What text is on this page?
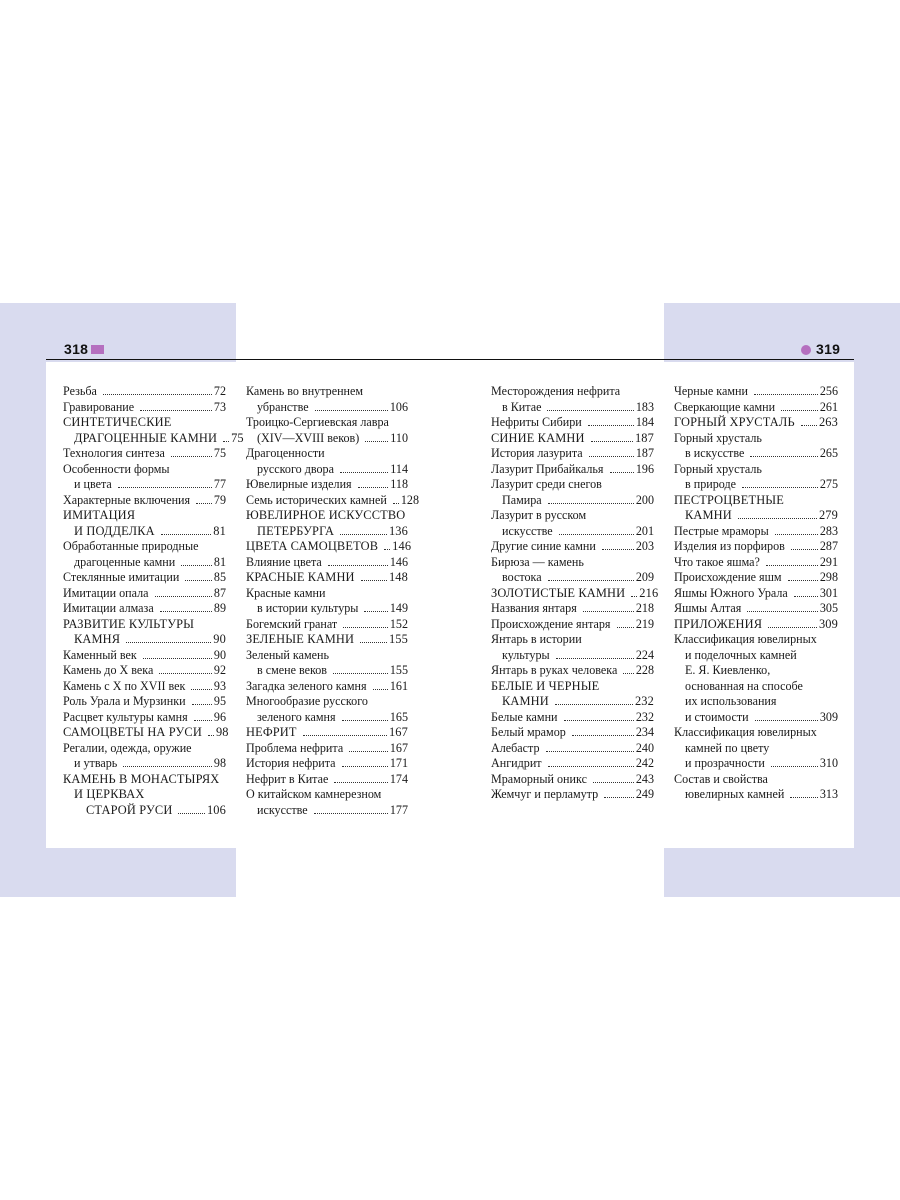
318	319
Резьба	72
Гравирование	73
СИНТЕТИЧЕСКИЕ
ДРАГОЦЕННЫЕ КАМНИ 75
Технология синтеза	75
Особенности формы
и цвета	77
Характерные включения 79
ИМИТАЦИЯ
И ПОДДЕЛКА	81
Обработанные природные
драгоценные камни	81
Стеклянные имитации	85
Имитации опала	87
Имитации алмаза	89
РАЗВИТИЕ КУЛЬТУРЫ
КАМНЯ	90
Каменный век	90
Камень до X века	92
Камень с X по XVII век 93
Роль Урала и Мурзинки 95
Расцвет культуры камня 96
САМОЦВЕТЫ НА РУСИ 98
Регалии, одежда, оружие
и утварь	98
КАМЕНЬ В МОНАСТЫРЯХ
И ЦЕРКВАХ
СТАРОЙ РУСИ	106
Камень во внутреннем
убранстве	106
Троицко-Сергиевская лавра
(XIV—XVIII веков)	110
Драгоценности
русского двора	114
Ювелирные изделия	118
Семь исторических камней 128
ЮВЕЛИРНОЕ ИСКУССТВО
ПЕТЕРБУРГА	136
ЦВЕТА САМОЦВЕТОВ 146
Влияние цвета	146
КРАСНЫЕ КАМНИ	148
Красные камни
в истории культуры	149
Богемский гранат	152
ЗЕЛЕНЫЕ КАМНИ	155
Зеленый камень
в смене веков	155
Загадка зеленого камня 161
Многообразие русского
зеленого камня	165
НЕФРИТ	167
Проблема нефрита	167
История нефрита	171
Нефрит в Китае	174
О китайском камнерезном
искусстве	177
Месторождения нефрита
в Китае	183
Нефриты Сибири	184
СИНИЕ КАМНИ	187
История лазурита	187
Лазурит Прибайкалья	196
Лазурит среди снегов
Памира	200
Лазурит в русском
искусстве	201
Другие синие камни	203
Бирюза — камень
востока	209
ЗОЛОТИСТЫЕ КАМНИ 216
Названия янтаря	218
Происхождение янтаря 219
Янтарь в истории
культуры	224
Янтарь в руках человека 228
БЕЛЫЕ И ЧЕРНЫЕ
КАМНИ	232
Белые камни	232
Белый мрамор	234
Алебастр	240
Ангидрит	242
Мраморный оникс	243
Жемчуг и перламутр	249
Черные камни	256
Сверкающие камни	261
ГОРНЫЙ ХРУСТАЛЬ 263
Горный хрусталь
в искусстве	265
Горный хрусталь
в природе	275
ПЕСТРОЦВЕТНЫЕ
КАМНИ	279
Пестрые мраморы	283
Изделия из порфиров	287
Что такое яшма?	291
Происхождение яшм	298
Яшмы Южного Урала	301
Яшмы Алтая	305
ПРИЛОЖЕНИЯ	309
Классификация ювелирных
и поделочных камней
Е. Я. Киевленко,
основанная на способе
их использования
и стоимости	309
Классификация ювелирных
камней по цвету
и прозрачности	310
Состав и свойства
ювелирных камней	313
